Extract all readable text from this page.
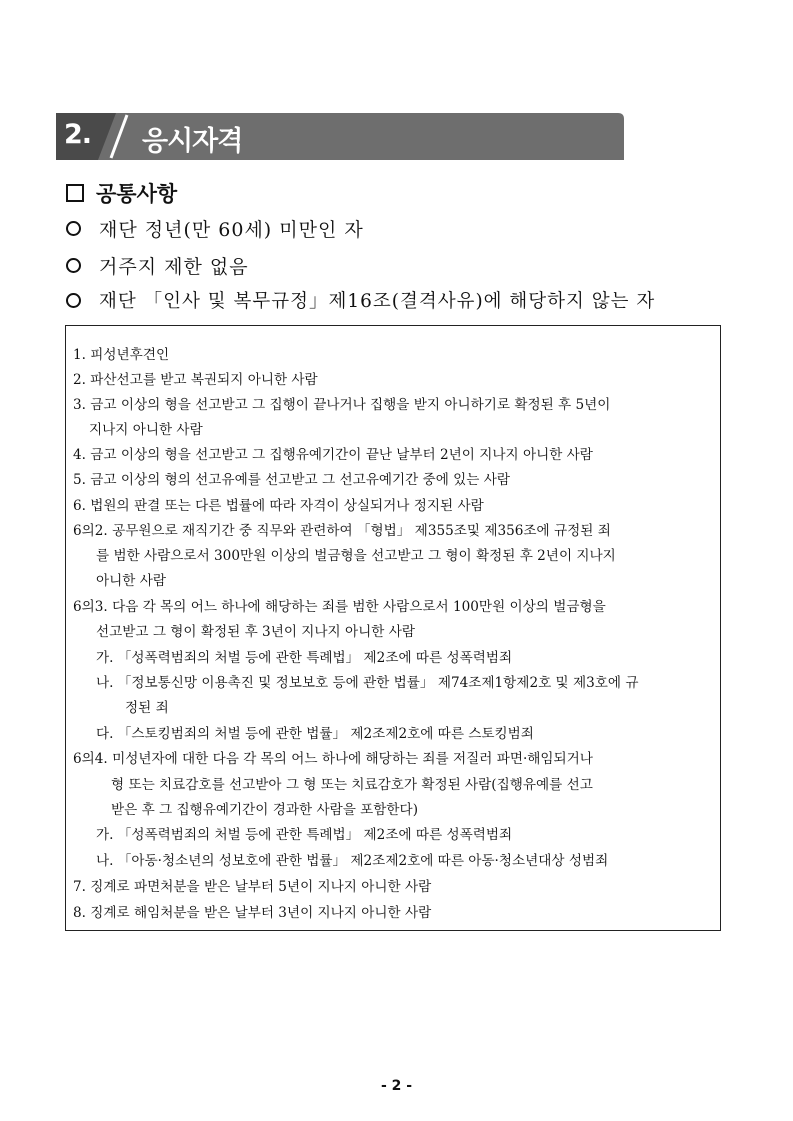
2. 응시자격
공통사항
재단 정년(만 60세) 미만인 자
거주지 제한 없음
재단 「인사 및 복무규정」제16조(결격사유)에 해당하지 않는 자
1. 피성년후견인
2. 파산선고를 받고 복권되지 아니한 사람
3. 금고 이상의 형을 선고받고 그 집행이 끝나거나 집행을 받지 아니하기로 확정된 후 5년이
지나지 아니한 사람
4. 금고 이상의 형을 선고받고 그 집행유예기간이 끝난 날부터 2년이 지나지 아니한 사람
5. 금고 이상의 형의 선고유예를 선고받고 그 선고유예기간 중에 있는 사람
6. 법원의 판결 또는 다른 법률에 따라 자격이 상실되거나 정지된 사람
6의2. 공무원으로 재직기간 중 직무와 관련하여 「형법」 제355조및 제356조에 규정된 죄
를 범한 사람으로서 300만원 이상의 벌금형을 선고받고 그 형이 확정된 후 2년이 지나지
아니한 사람
6의3. 다음 각 목의 어느 하나에 해당하는 죄를 범한 사람으로서 100만원 이상의 벌금형을
선고받고 그 형이 확정된 후 3년이 지나지 아니한 사람
가. 「성폭력범죄의 처벌 등에 관한 특례법」 제2조에 따른 성폭력범죄
나. 「정보통신망 이용촉진 및 정보보호 등에 관한 법률」 제74조제1항제2호 및 제3호에 규
정된 죄
다. 「스토킹범죄의 처벌 등에 관한 법률」 제2조제2호에 따른 스토킹범죄
6의4. 미성년자에 대한 다음 각 목의 어느 하나에 해당하는 죄를 저질러 파면·해임되거나
형 또는 치료감호를 선고받아 그 형 또는 치료감호가 확정된 사람(집행유예를 선고
받은 후 그 집행유예기간이 경과한 사람을 포함한다)
가. 「성폭력범죄의 처벌 등에 관한 특례법」 제2조에 따른 성폭력범죄
나. 「아동·청소년의 성보호에 관한 법률」 제2조제2호에 따른 아동·청소년대상 성범죄
7. 징계로 파면처분을 받은 날부터 5년이 지나지 아니한 사람
8. 징계로 해임처분을 받은 날부터 3년이 지나지 아니한 사람
- 2 -
